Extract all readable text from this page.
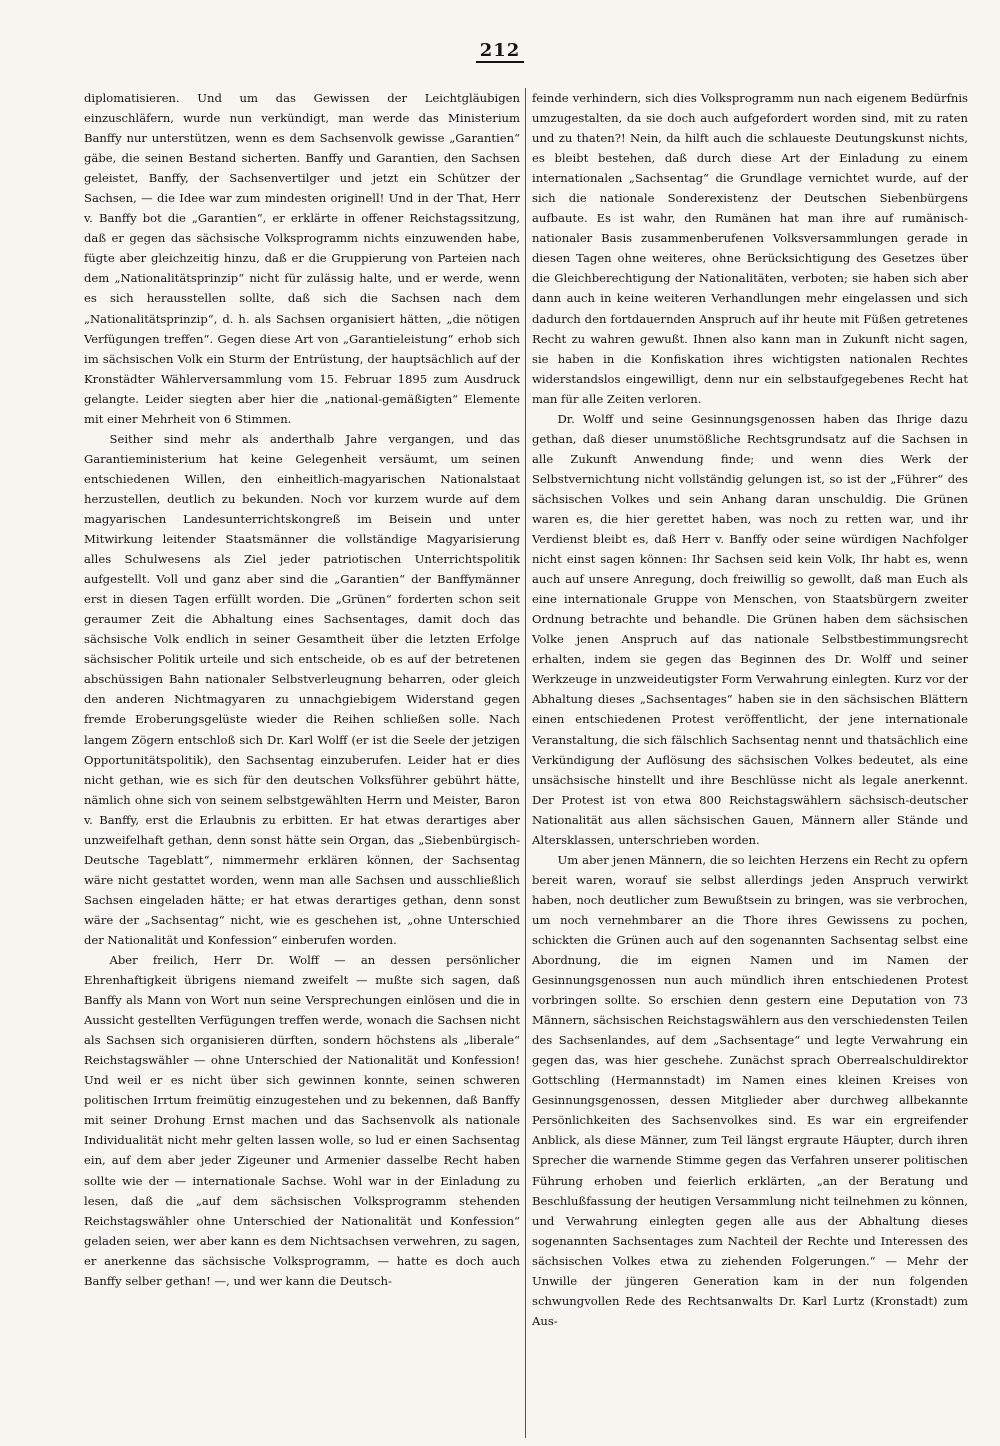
212

diplomatisieren. Und um das Gewissen der Leichtgläubigen einzuschläfern, wurde nun verkündigt, man werde das Ministerium Banffy nur unterstützen, wenn es dem Sachsenvolk gewisse „Garantien“ gäbe, die seinen Bestand sicherten. Banffy und Garantien, den Sachsen geleistet, Banffy, der Sachsenvertilger und jetzt ein Schützer der Sachsen, — die Idee war zum mindesten originell! Und in der That, Herr v. Banffy bot die „Garantien“, er erklärte in offener Reichstagssitzung, daß er gegen das sächsische Volksprogramm nichts einzuwenden habe, fügte aber gleichzeitig hinzu, daß er die Gruppierung von Parteien nach dem „Nationalitätsprinzip“ nicht für zulässig halte, und er werde, wenn es sich herausstellen sollte, daß sich die Sachsen nach dem „Nationalitätsprinzip“, d. h. als Sachsen organisiert hätten, „die nötigen Verfügungen treffen“. Gegen diese Art von „Garantieleistung“ erhob sich im sächsischen Volk ein Sturm der Entrüstung, der hauptsächlich auf der Kronstädter Wählerversammlung vom 15. Februar 1895 zum Ausdruck gelangte. Leider siegten aber hier die „national-gemäßigten“ Elemente mit einer Mehrheit von 6 Stimmen.

Seither sind mehr als anderthalb Jahre vergangen, und das Garantieministerium hat keine Gelegenheit versäumt, um seinen entschiedenen Willen, den einheitlich-magyarischen Nationalstaat herzustellen, deutlich zu bekunden. Noch vor kurzem wurde auf dem magyarischen Landesunterrichtskongreß im Beisein und unter Mitwirkung leitender Staatsmänner die vollständige Magyarisierung alles Schulwesens als Ziel jeder patriotischen Unterrichtspolitik aufgestellt. Voll und ganz aber sind die „Garantien“ der Banffymänner erst in diesen Tagen erfüllt worden. Die „Grünen“ forderten schon seit geraumer Zeit die Abhaltung eines Sachsentages, damit doch das sächsische Volk endlich in seiner Gesamtheit über die letzten Erfolge sächsischer Politik urteile und sich entscheide, ob es auf der betretenen abschüssigen Bahn nationaler Selbstverleugnung beharren, oder gleich den anderen Nichtmagyaren zu unnachgiebigem Widerstand gegen fremde Eroberungsgelüste wieder die Reihen schließen solle. Nach langem Zögern entschloß sich Dr. Karl Wolff (er ist die Seele der jetzigen Opportunitätspolitik), den Sachsentag einzuberufen. Leider hat er dies nicht gethan, wie es sich für den deutschen Volksführer gebührt hätte, nämlich ohne sich von seinem selbstgewählten Herrn und Meister, Baron v. Banffy, erst die Erlaubnis zu erbitten. Er hat etwas derartiges aber unzweifelhaft gethan, denn sonst hätte sein Organ, das „Siebenbürgisch-Deutsche Tageblatt“, nimmermehr erklären können, der Sachsentag wäre nicht gestattet worden, wenn man alle Sachsen und ausschließlich Sachsen eingeladen hätte; er hat etwas derartiges gethan, denn sonst wäre der „Sachsentag“ nicht, wie es geschehen ist, „ohne Unterschied der Nationalität und Konfession“ einberufen worden.

Aber freilich, Herr Dr. Wolff — an dessen persönlicher Ehrenhaftigkeit übrigens niemand zweifelt — mußte sich sagen, daß Banffy als Mann von Wort nun seine Versprechungen einlösen und die in Aussicht gestellten Verfügungen treffen werde, wonach die Sachsen nicht als Sachsen sich organisieren dürften, sondern höchstens als „liberale“ Reichstagswähler — ohne Unterschied der Nationalität und Konfession! Und weil er es nicht über sich gewinnen konnte, seinen schweren politischen Irrtum freimütig einzugestehen und zu bekennen, daß Banffy mit seiner Drohung Ernst machen und das Sachsenvolk als nationale Individualität nicht mehr gelten lassen wolle, so lud er einen Sachsentag ein, auf dem aber jeder Zigeuner und Armenier dasselbe Recht haben sollte wie der — internationale Sachse. Wohl war in der Einladung zu lesen, daß die „auf dem sächsischen Volksprogramm stehenden Reichstagswähler ohne Unterschied der Nationalität und Konfession“ geladen seien, wer aber kann es dem Nichtsachsen verwehren, zu sagen, er anerkenne das sächsische Volksprogramm, — hatte es doch auch Banffy selber gethan! —, und wer kann die Deutsch-

feinde verhindern, sich dies Volksprogramm nun nach eigenem Bedürfnis umzugestalten, da sie doch auch aufgefordert worden sind, mit zu raten und zu thaten?! Nein, da hilft auch die schlaueste Deutungskunst nichts, es bleibt bestehen, daß durch diese Art der Einladung zu einem internationalen „Sachsentag“ die Grundlage vernichtet wurde, auf der sich die nationale Sonderexistenz der Deutschen Siebenbürgens aufbaute. Es ist wahr, den Rumänen hat man ihre auf rumänisch-nationaler Basis zusammenberufenen Volksversammlungen gerade in diesen Tagen ohne weiteres, ohne Berücksichtigung des Gesetzes über die Gleichberechtigung der Nationalitäten, verboten; sie haben sich aber dann auch in keine weiteren Verhandlungen mehr eingelassen und sich dadurch den fortdauernden Anspruch auf ihr heute mit Füßen getretenes Recht zu wahren gewußt. Ihnen also kann man in Zukunft nicht sagen, sie haben in die Konfiskation ihres wichtigsten nationalen Rechtes widerstandslos eingewilligt, denn nur ein selbstaufgegebenes Recht hat man für alle Zeiten verloren.

Dr. Wolff und seine Gesinnungsgenossen haben das Ihrige dazu gethan, daß dieser unumstößliche Rechtsgrundsatz auf die Sachsen in alle Zukunft Anwendung finde; und wenn dies Werk der Selbstvernichtung nicht vollständig gelungen ist, so ist der „Führer“ des sächsischen Volkes und sein Anhang daran unschuldig. Die Grünen waren es, die hier gerettet haben, was noch zu retten war, und ihr Verdienst bleibt es, daß Herr v. Banffy oder seine würdigen Nachfolger nicht einst sagen können: Ihr Sachsen seid kein Volk, Ihr habt es, wenn auch auf unsere Anregung, doch freiwillig so gewollt, daß man Euch als eine internationale Gruppe von Menschen, von Staatsbürgern zweiter Ordnung betrachte und behandle. Die Grünen haben dem sächsischen Volke jenen Anspruch auf das nationale Selbstbestimmungsrecht erhalten, indem sie gegen das Beginnen des Dr. Wolff und seiner Werkzeuge in unzweideutigster Form Verwahrung einlegten. Kurz vor der Abhaltung dieses „Sachsentages“ haben sie in den sächsischen Blättern einen entschiedenen Protest veröffentlicht, der jene internationale Veranstaltung, die sich fälschlich Sachsentag nennt und thatsächlich eine Verkündigung der Auflösung des sächsischen Volkes bedeutet, als eine unsächsische hinstellt und ihre Beschlüsse nicht als legale anerkennt. Der Protest ist von etwa 800 Reichstagswählern sächsisch-deutscher Nationalität aus allen sächsischen Gauen, Männern aller Stände und Altersklassen, unterschrieben worden.

Um aber jenen Männern, die so leichten Herzens ein Recht zu opfern bereit waren, worauf sie selbst allerdings jeden Anspruch verwirkt haben, noch deutlicher zum Bewußtsein zu bringen, was sie verbrochen, um noch vernehmbarer an die Thore ihres Gewissens zu pochen, schickten die Grünen auch auf den sogenannten Sachsentag selbst eine Abordnung, die im eignen Namen und im Namen der Gesinnungsgenossen nun auch mündlich ihren entschiedenen Protest vorbringen sollte. So erschien denn gestern eine Deputation von 73 Männern, sächsischen Reichstagswählern aus den verschiedensten Teilen des Sachsenlandes, auf dem „Sachsentage“ und legte Verwahrung ein gegen das, was hier geschehe. Zunächst sprach Oberrealschuldirektor Gottschling (Hermannstadt) im Namen eines kleinen Kreises von Gesinnungsgenossen, dessen Mitglieder aber durchweg allbekannte Persönlichkeiten des Sachsenvolkes sind. Es war ein ergreifender Anblick, als diese Männer, zum Teil längst ergraute Häupter, durch ihren Sprecher die warnende Stimme gegen das Verfahren unserer politischen Führung erhoben und feierlich erklärten, „an der Beratung und Beschlußfassung der heutigen Versammlung nicht teilnehmen zu können, und Verwahrung einlegten gegen alle aus der Abhaltung dieses sogenannten Sachsentages zum Nachteil der Rechte und Interessen des sächsischen Volkes etwa zu ziehenden Folgerungen.“ — Mehr der Unwille der jüngeren Generation kam in der nun folgenden schwungvollen Rede des Rechtsanwalts Dr. Karl Lurtz (Kronstadt) zum Aus-
